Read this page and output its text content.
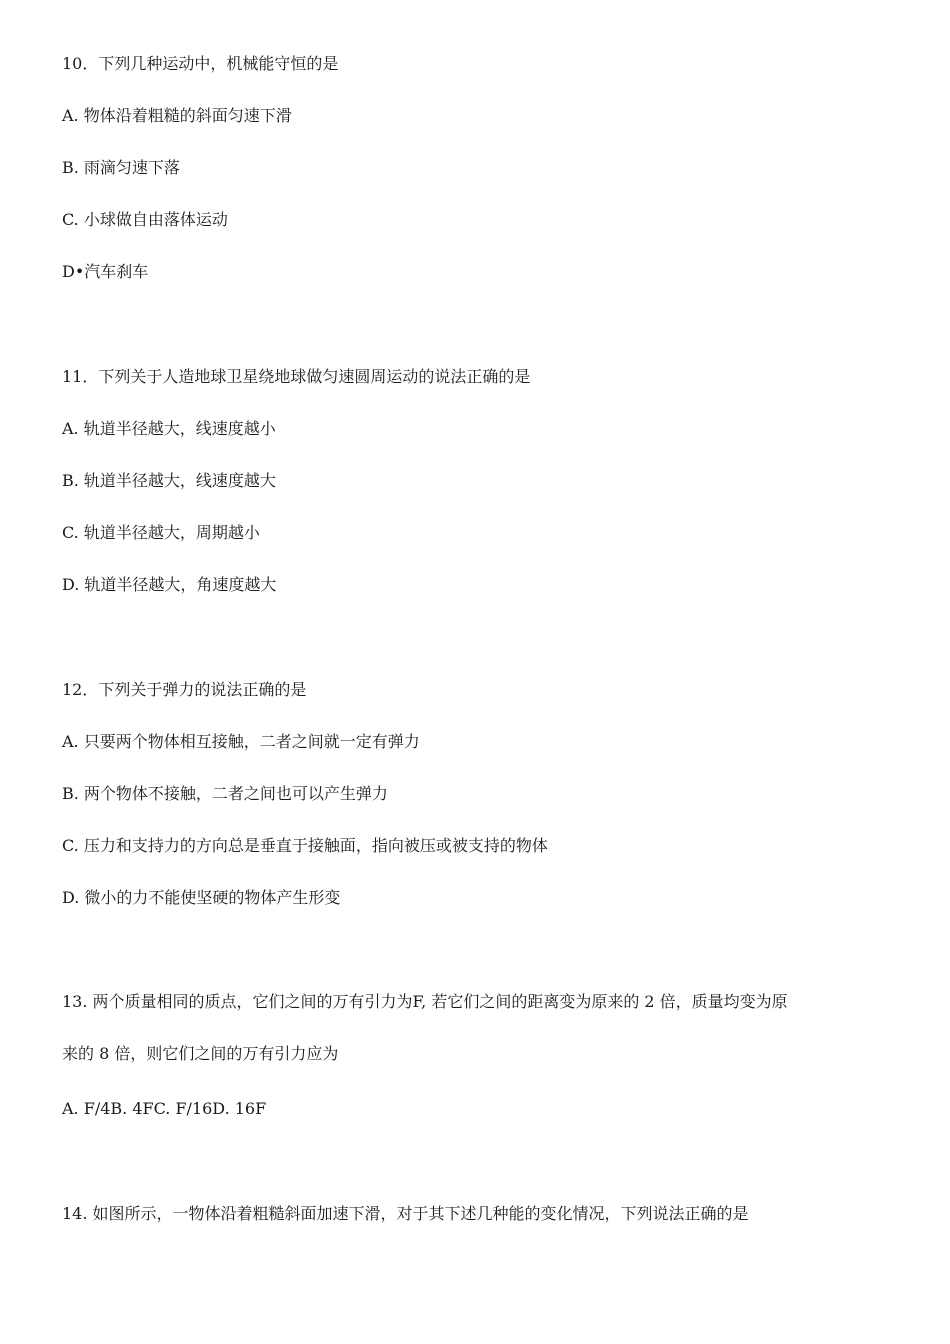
10．下列几种运动中，机械能守恒的是
A. 物体沿着粗糙的斜面匀速下滑
B. 雨滴匀速下落
C. 小球做自由落体运动
D•汽车刹车
11．下列关于人造地球卫星绕地球做匀速圆周运动的说法正确的是
A. 轨道半径越大，线速度越小
B. 轨道半径越大，线速度越大
C. 轨道半径越大，周期越小
D. 轨道半径越大，角速度越大
12．下列关于弹力的说法正确的是
A. 只要两个物体相互接触，二者之间就一定有弹力
B. 两个物体不接触，二者之间也可以产生弹力
C. 压力和支持力的方向总是垂直于接触面，指向被压或被支持的物体
D. 微小的力不能使坚硬的物体产生形变
13. 两个质量相同的质点，它们之间的万有引力为F, 若它们之间的距离变为原来的 2 倍，质量均变为原
来的 8 倍，则它们之间的万有引力应为
A. F/4B. 4FC. F/16D. 16F
14. 如图所示，一物体沿着粗糙斜面加速下滑，对于其下述几种能的变化情况，下列说法正确的是
